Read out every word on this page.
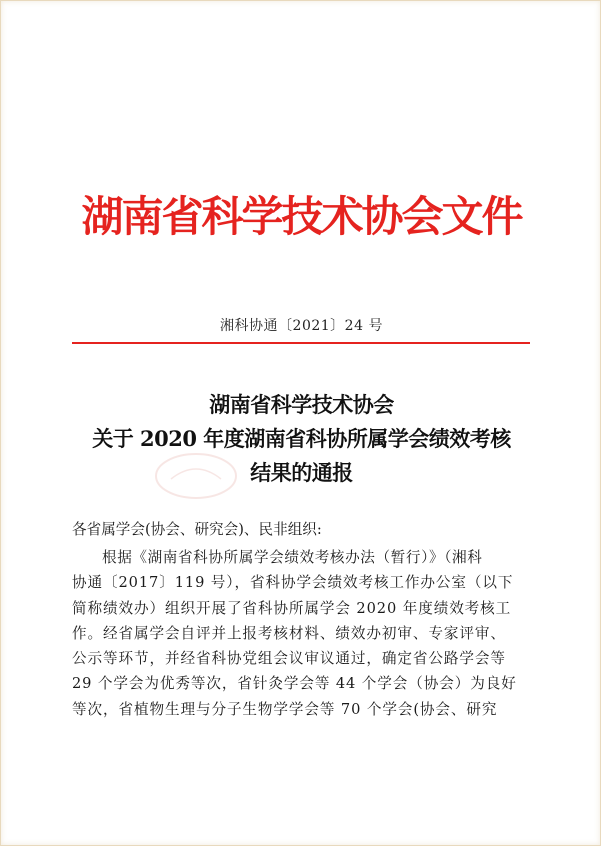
湖南省科学技术协会文件
湘科协通〔2021〕24 号
湖南省科学技术协会
关于 2020 年度湖南省科协所属学会绩效考核
结果的通报
各省属学会(协会、研究会)、民非组织:
根据《湖南省科协所属学会绩效考核办法（暂行）》（湘科
协通〔2017〕119 号），省科协学会绩效考核工作办公室（以下
简称绩效办）组织开展了省科协所属学会 2020 年度绩效考核工
作。经省属学会自评并上报考核材料、绩效办初审、专家评审、
公示等环节，并经省科协党组会议审议通过，确定省公路学会等
29 个学会为优秀等次，省针灸学会等 44 个学会（协会）为良好
等次，省植物生理与分子生物学学会等 70 个学会(协会、研究
